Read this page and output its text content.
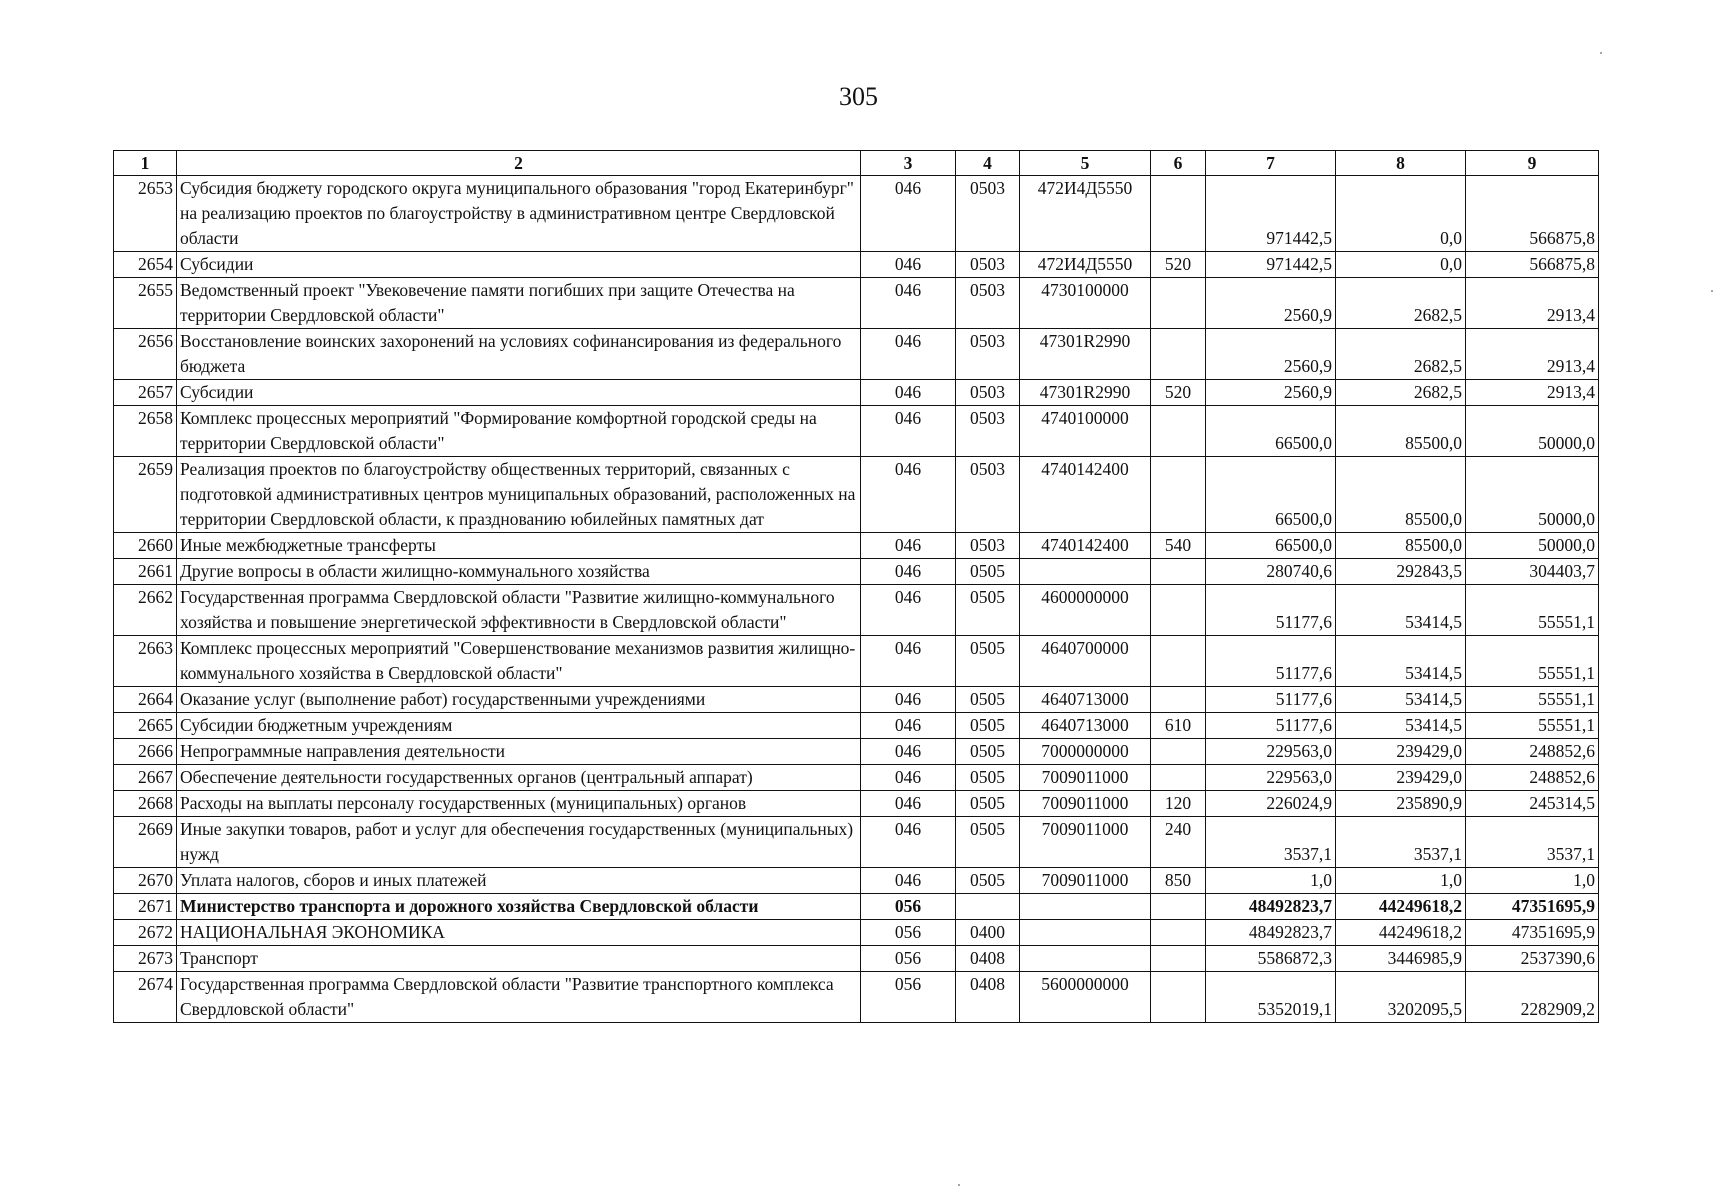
305
1	2	3	4	5	6	7	8	9
2653	Субсидия бюджету городского округа муниципального образования "город Екатеринбург" на реализацию проектов по благоустройству в административном центре Свердловской области	046	0503	472И4Д5550		971442,5	0,0	566875,8
2654	Субсидии	046	0503	472И4Д5550	520	971442,5	0,0	566875,8
2655	Ведомственный проект "Увековечение памяти погибших при защите Отечества на территории Свердловской области"	046	0503	4730100000		2560,9	2682,5	2913,4
2656	Восстановление воинских захоронений на условиях софинансирования из федерального бюджета	046	0503	47301R2990		2560,9	2682,5	2913,4
2657	Субсидии	046	0503	47301R2990	520	2560,9	2682,5	2913,4
2658	Комплекс процессных мероприятий "Формирование комфортной городской среды на территории Свердловской области"	046	0503	4740100000		66500,0	85500,0	50000,0
2659	Реализация проектов по благоустройству общественных территорий, связанных с подготовкой административных центров муниципальных образований, расположенных на территории Свердловской области, к празднованию юбилейных памятных дат	046	0503	4740142400		66500,0	85500,0	50000,0
2660	Иные межбюджетные трансферты	046	0503	4740142400	540	66500,0	85500,0	50000,0
2661	Другие вопросы в области жилищно-коммунального хозяйства	046	0505			280740,6	292843,5	304403,7
2662	Государственная программа Свердловской области "Развитие жилищно-коммунального хозяйства и повышение энергетической эффективности в Свердловской области"	046	0505	4600000000		51177,6	53414,5	55551,1
2663	Комплекс процессных мероприятий "Совершенствование механизмов развития жилищно-коммунального хозяйства в Свердловской области"	046	0505	4640700000		51177,6	53414,5	55551,1
2664	Оказание услуг (выполнение работ) государственными учреждениями	046	0505	4640713000		51177,6	53414,5	55551,1
2665	Субсидии бюджетным учреждениям	046	0505	4640713000	610	51177,6	53414,5	55551,1
2666	Непрограммные направления деятельности	046	0505	7000000000		229563,0	239429,0	248852,6
2667	Обеспечение деятельности государственных органов (центральный аппарат)	046	0505	7009011000		229563,0	239429,0	248852,6
2668	Расходы на выплаты персоналу государственных (муниципальных) органов	046	0505	7009011000	120	226024,9	235890,9	245314,5
2669	Иные закупки товаров, работ и услуг для обеспечения государственных (муниципальных) нужд	046	0505	7009011000	240	3537,1	3537,1	3537,1
2670	Уплата налогов, сборов и иных платежей	046	0505	7009011000	850	1,0	1,0	1,0
2671	Министерство транспорта и дорожного хозяйства Свердловской области	056				48492823,7	44249618,2	47351695,9
2672	НАЦИОНАЛЬНАЯ ЭКОНОМИКА	056	0400			48492823,7	44249618,2	47351695,9
2673	Транспорт	056	0408			5586872,3	3446985,9	2537390,6
2674	Государственная программа Свердловской области "Развитие транспортного комплекса Свердловской области"	056	0408	5600000000		5352019,1	3202095,5	2282909,2
